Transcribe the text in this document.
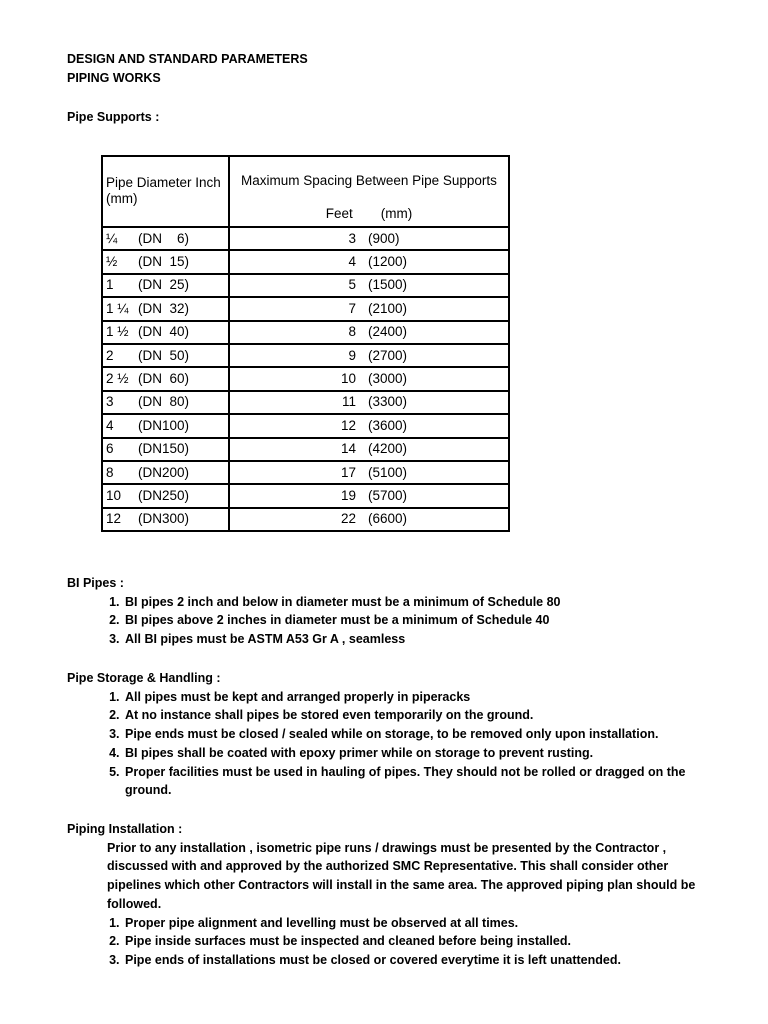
DESIGN AND STANDARD PARAMETERS

PIPING WORKS

Pipe Supports :

Pipe Diameter Inch (mm)	Maximum Spacing Between Pipe Supports
Feet (mm)

¼ (DN    6)	3 (900)
½ (DN  15)	4 (1200)
1 (DN  25)	5 (1500)
1 ¼ (DN  32)	7 (2100)
1 ½ (DN  40)	8 (2400)
2 (DN  50)	9 (2700)
2 ½ (DN  60)	10 (3000)
3 (DN  80)	11 (3300)
4 (DN100)	12 (3600)
6 (DN150)	14 (4200)
8 (DN200)	17 (5100)
10 (DN250)	19 (5700)
12 (DN300)	22 (6600)
BI Pipes :
1. BI pipes 2 inch and below in diameter must be a minimum of Schedule 80
2. BI pipes above 2 inches in diameter must be a minimum of Schedule 40
3. All BI pipes must be ASTM A53 Gr A , seamless
Pipe Storage & Handling :
1. All pipes must be kept and arranged properly in piperacks
2. At no instance shall pipes be stored even temporarily on the ground.
3. Pipe ends must be closed / sealed while on storage, to be removed only upon installation.
4. BI pipes shall be coated with epoxy primer while on storage to prevent rusting.
5. Proper facilities must be used in hauling of pipes. They should not be rolled or dragged on the ground.
Piping Installation :
Prior to any installation , isometric pipe runs / drawings must be presented by the Contractor , discussed with and approved by the authorized SMC Representative. This shall consider other pipelines which other Contractors will install in the same area. The approved piping plan should be followed.
1. Proper pipe alignment and levelling must be observed at all times.
2. Pipe inside surfaces must be inspected and cleaned before being installed.
3. Pipe ends of installations must be closed or covered everytime it is left unattended.
